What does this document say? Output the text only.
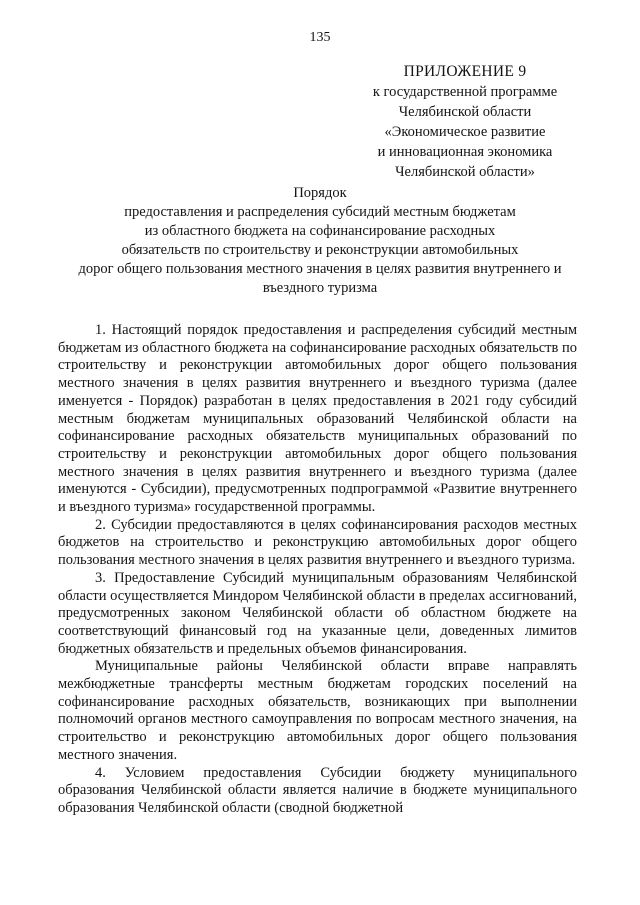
135
ПРИЛОЖЕНИЕ 9
к государственной программе
Челябинской области
«Экономическое развитие
и инновационная экономика
Челябинской области»
Порядок
предоставления и распределения субсидий местным бюджетам
из областного бюджета на софинансирование расходных
обязательств по строительству и реконструкции автомобильных
дорог общего пользования местного значения в целях развития внутреннего и
въездного туризма

1. Настоящий порядок предоставления и распределения субсидий местным бюджетам из областного бюджета на софинансирование расходных обязательств по строительству и реконструкции автомобильных дорог общего пользования местного значения в целях развития внутреннего и въездного туризма (далее именуется - Порядок) разработан в целях предоставления в 2021 году субсидий местным бюджетам муниципальных образований Челябинской области на софинансирование расходных обязательств муниципальных образований по строительству и реконструкции автомобильных дорог общего пользования местного значения в целях развития внутреннего и въездного туризма (далее именуются - Субсидии), предусмотренных подпрограммой «Развитие внутреннего и въездного туризма» государственной программы.

2. Субсидии предоставляются в целях софинансирования расходов местных бюджетов на строительство и реконструкцию автомобильных дорог общего пользования местного значения в целях развития внутреннего и въездного туризма.

3. Предоставление Субсидий муниципальным образованиям Челябинской области осуществляется Миндором Челябинской области в пределах ассигнований, предусмотренных законом Челябинской области об областном бюджете на соответствующий финансовый год на указанные цели, доведенных лимитов бюджетных обязательств и предельных объемов финансирования.

Муниципальные районы Челябинской области вправе направлять межбюджетные трансферты местным бюджетам городских поселений на софинансирование расходных обязательств, возникающих при выполнении полномочий органов местного самоуправления по вопросам местного значения, на строительство и реконструкцию автомобильных дорог общего пользования местного значения.

4. Условием предоставления Субсидии бюджету муниципального образования Челябинской области является наличие в бюджете муниципального образования Челябинской области (сводной бюджетной
